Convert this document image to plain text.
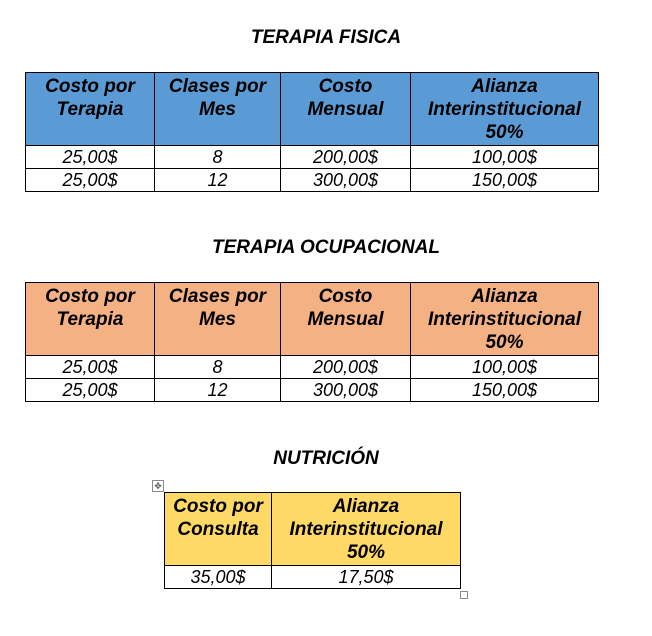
TERAPIA FISICA
Costo por Terapia	Clases por Mes	Costo Mensual	Alianza Interinstitucional 50%
25,00$	8	200,00$	100,00$
25,00$	12	300,00$	150,00$
TERAPIA OCUPACIONAL
Costo por Terapia	Clases por Mes	Costo Mensual	Alianza Interinstitucional 50%
25,00$	8	200,00$	100,00$
25,00$	12	300,00$	150,00$
NUTRICIÓN
✥
Costo por Consulta	Alianza Interinstitucional 50%
35,00$	17,50$
